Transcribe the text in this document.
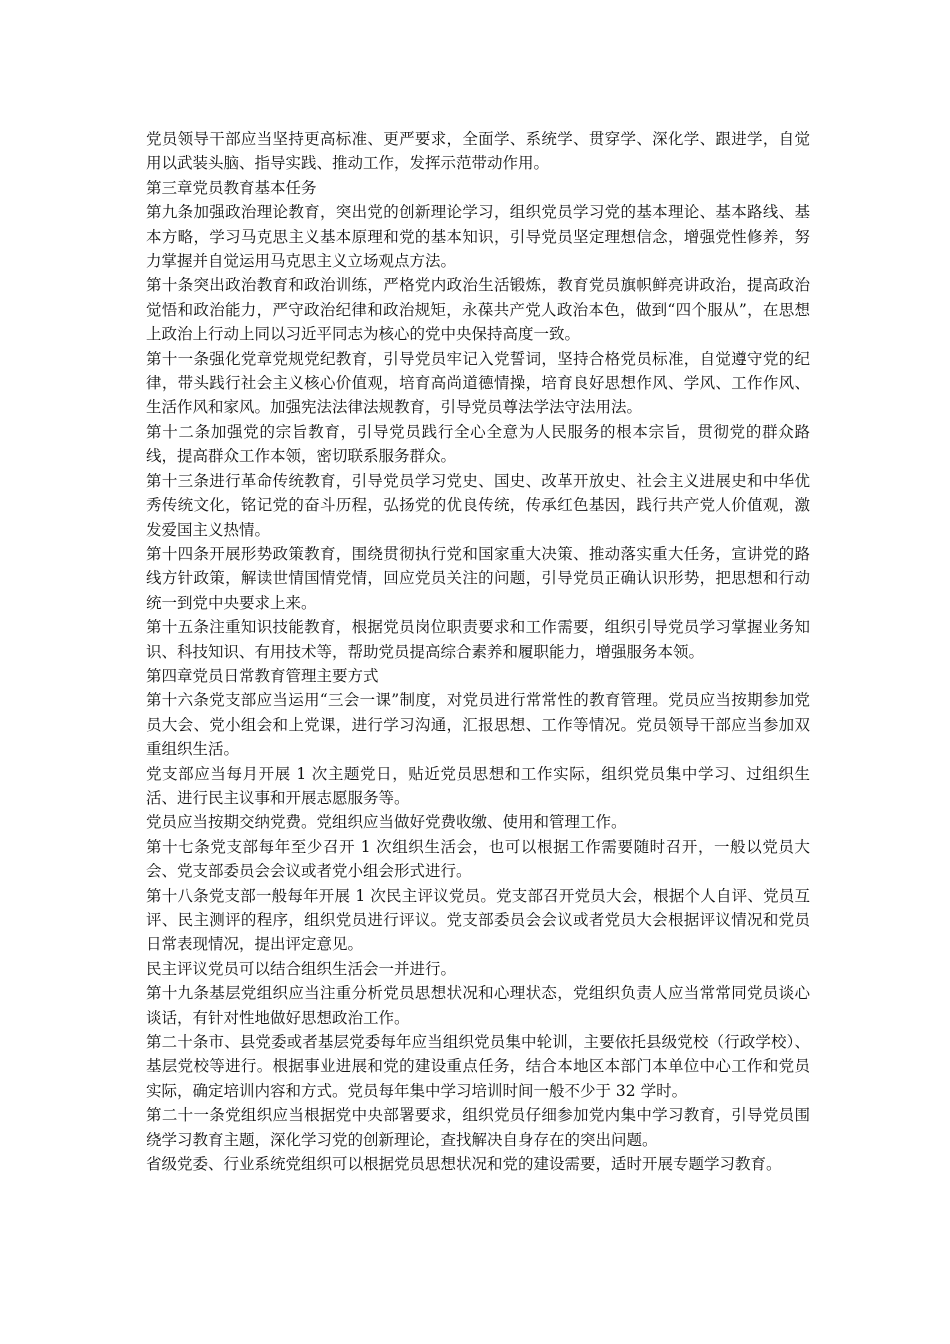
党员领导干部应当坚持更高标准、更严要求，全面学、系统学、贯穿学、深化学、跟进学，自觉用以武装头脑、指导实践、推动工作，发挥示范带动作用。

第三章党员教育基本任务

第九条加强政治理论教育，突出党的创新理论学习，组织党员学习党的基本理论、基本路线、基本方略，学习马克思主义基本原理和党的基本知识，引导党员坚定理想信念，增强党性修养，努力掌握并自觉运用马克思主义立场观点方法。

第十条突出政治教育和政治训练，严格党内政治生活锻炼，教育党员旗帜鲜亮讲政治，提高政治觉悟和政治能力，严守政治纪律和政治规矩，永葆共产党人政治本色，做到“四个服从”，在思想上政治上行动上同以习近平同志为核心的党中央保持高度一致。

第十一条强化党章党规党纪教育，引导党员牢记入党誓词，坚持合格党员标准，自觉遵守党的纪律，带头践行社会主义核心价值观，培育高尚道德情操，培育良好思想作风、学风、工作作风、生活作风和家风。加强宪法法律法规教育，引导党员尊法学法守法用法。

第十二条加强党的宗旨教育，引导党员践行全心全意为人民服务的根本宗旨，贯彻党的群众路线，提高群众工作本领，密切联系服务群众。

第十三条进行革命传统教育，引导党员学习党史、国史、改革开放史、社会主义进展史和中华优秀传统文化，铭记党的奋斗历程，弘扬党的优良传统，传承红色基因，践行共产党人价值观，激发爱国主义热情。

第十四条开展形势政策教育，围绕贯彻执行党和国家重大决策、推动落实重大任务，宣讲党的路线方针政策，解读世情国情党情，回应党员关注的问题，引导党员正确认识形势，把思想和行动统一到党中央要求上来。

第十五条注重知识技能教育，根据党员岗位职责要求和工作需要，组织引导党员学习掌握业务知识、科技知识、有用技术等，帮助党员提高综合素养和履职能力，增强服务本领。

第四章党员日常教育管理主要方式

第十六条党支部应当运用“三会一课”制度，对党员进行常常性的教育管理。党员应当按期参加党员大会、党小组会和上党课，进行学习沟通，汇报思想、工作等情况。党员领导干部应当参加双重组织生活。

党支部应当每月开展 1 次主题党日，贴近党员思想和工作实际，组织党员集中学习、过组织生活、进行民主议事和开展志愿服务等。

党员应当按期交纳党费。党组织应当做好党费收缴、使用和管理工作。

第十七条党支部每年至少召开 1 次组织生活会，也可以根据工作需要随时召开，一般以党员大会、党支部委员会会议或者党小组会形式进行。

第十八条党支部一般每年开展 1 次民主评议党员。党支部召开党员大会，根据个人自评、党员互评、民主测评的程序，组织党员进行评议。党支部委员会会议或者党员大会根据评议情况和党员日常表现情况，提出评定意见。

民主评议党员可以结合组织生活会一并进行。

第十九条基层党组织应当注重分析党员思想状况和心理状态，党组织负责人应当常常同党员谈心谈话，有针对性地做好思想政治工作。

第二十条市、县党委或者基层党委每年应当组织党员集中轮训，主要依托县级党校（行政学校）、基层党校等进行。根据事业进展和党的建设重点任务，结合本地区本部门本单位中心工作和党员实际，确定培训内容和方式。党员每年集中学习培训时间一般不少于 32 学时。

第二十一条党组织应当根据党中央部署要求，组织党员仔细参加党内集中学习教育，引导党员围绕学习教育主题，深化学习党的创新理论，查找解决自身存在的突出问题。

省级党委、行业系统党组织可以根据党员思想状况和党的建设需要，适时开展专题学习教育。
